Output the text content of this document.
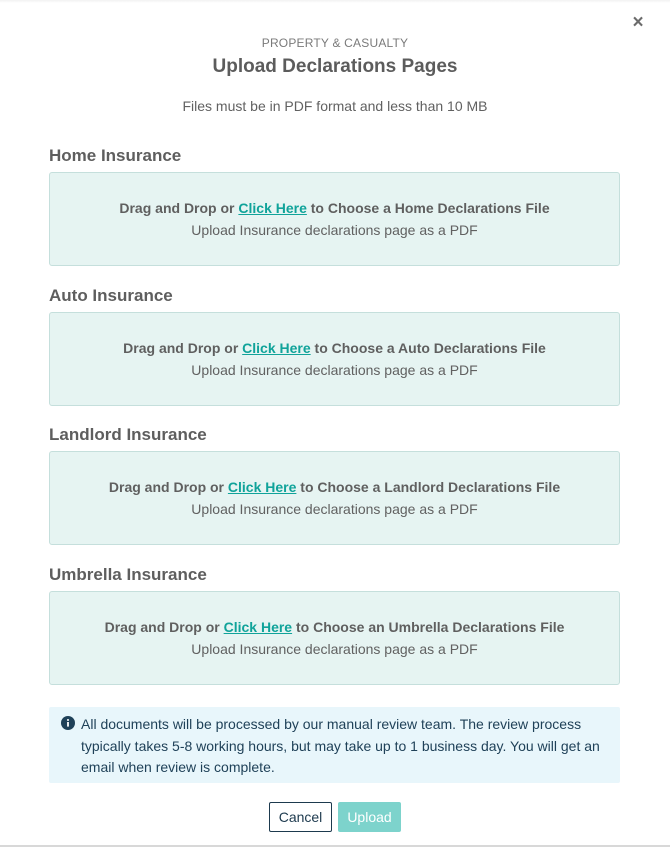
×
PROPERTY & CASUALTY
Upload Declarations Pages
Files must be in PDF format and less than 10 MB
Home Insurance
Drag and Drop or Click Here to Choose a Home Declarations File
Upload Insurance declarations page as a PDF
Auto Insurance
Drag and Drop or Click Here to Choose a Auto Declarations File
Upload Insurance declarations page as a PDF
Landlord Insurance
Drag and Drop or Click Here to Choose a Landlord Declarations File
Upload Insurance declarations page as a PDF
Umbrella Insurance
Drag and Drop or Click Here to Choose an Umbrella Declarations File
Upload Insurance declarations page as a PDF
All documents will be processed by our manual review team. The review process typically takes 5-8 working hours, but may take up to 1 business day. You will get an email when review is complete.
Cancel	Upload
